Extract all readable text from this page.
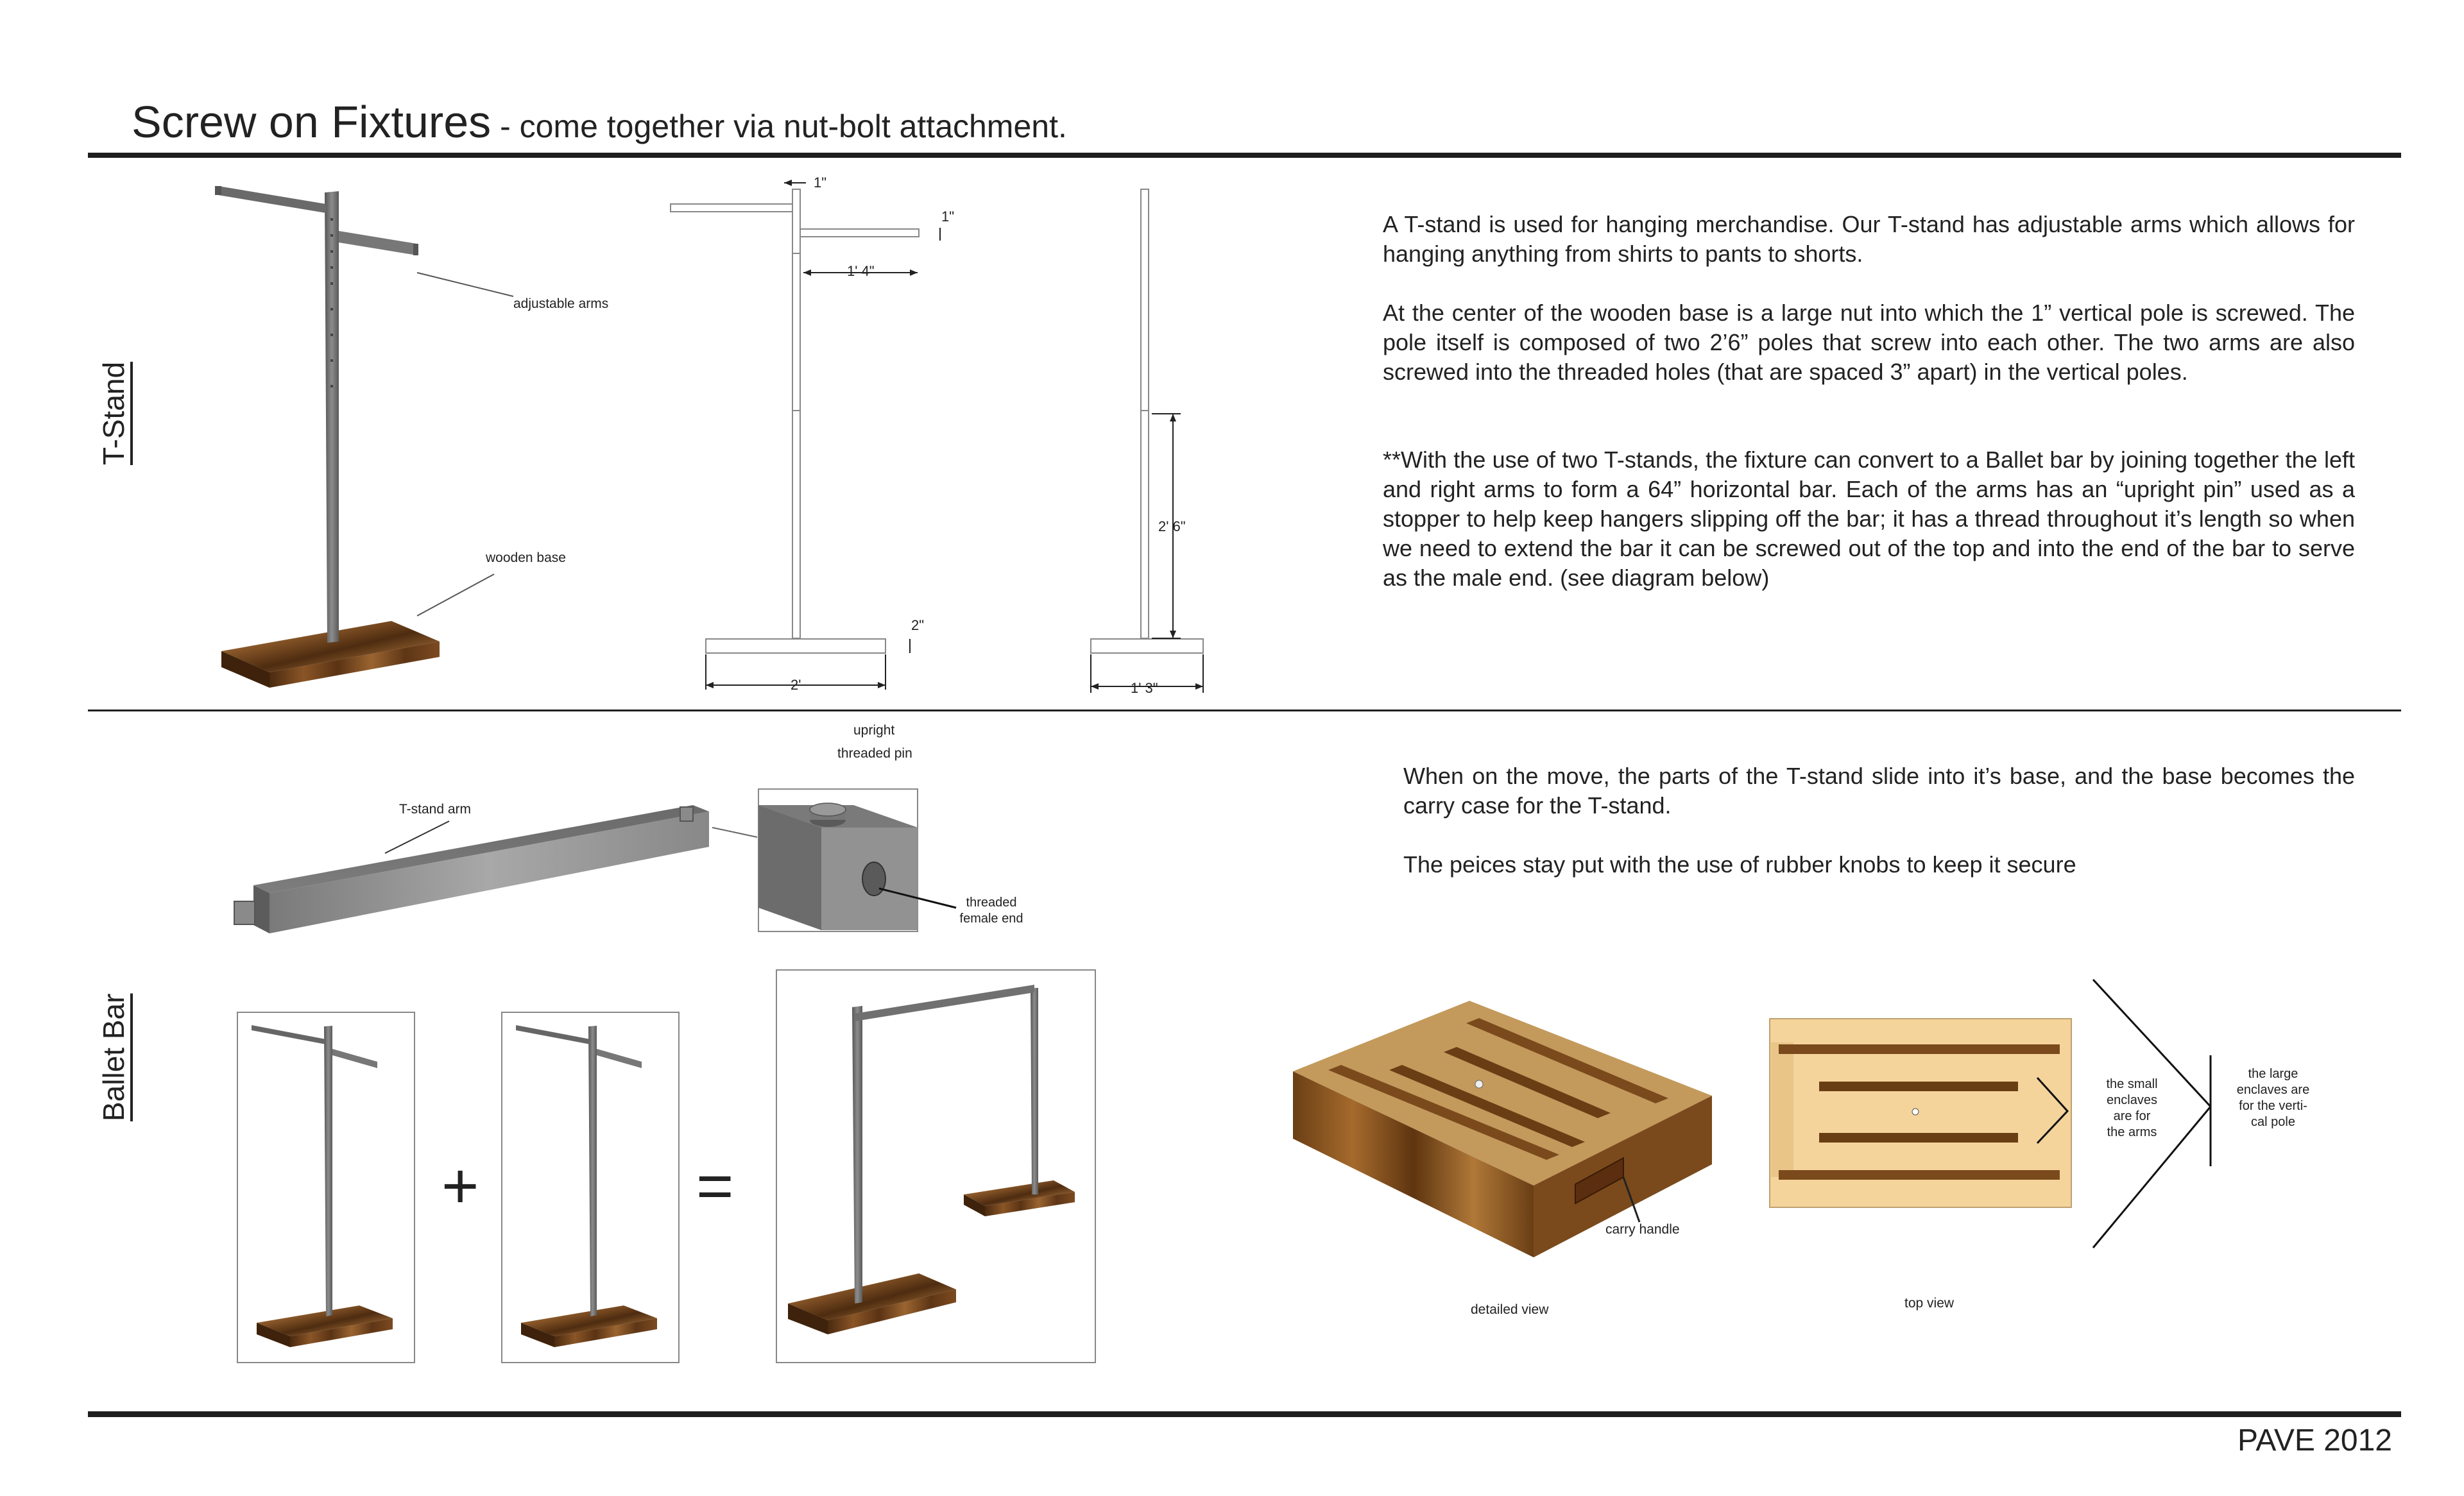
Screw on Fixtures - come together via nut-bolt attachment.
T-Stand
Ballet Bar
adjustable arms
wooden base
1"
1"
1' 4"
2"
2'
2' 6"
1' 3"

A T-stand is used for hanging merchandise. Our T-stand has adjustable arms which allows for hanging anything from shirts to pants to shorts.

At the center of the wooden base is a large nut into which the 1” vertical pole is screwed. The pole itself is composed of two 2’6” poles that screw into each other. The two arms are also screwed into the threaded holes (that are spaced 3” apart) in the vertical poles.

**With the use of two T-stands, the fixture can convert to a Ballet bar by joining together the left and right arms to form a 64” horizontal bar. Each of the arms has an “upright pin” used as a stopper to help keep hangers slipping off the bar; it has a thread throughout it’s length so when we need to extend the bar it can be screwed out of the top and into the end of the bar to serve as the male end. (see diagram below)

T-stand arm
upright
threaded pin
threaded
female end
+	=

When on the move, the parts of the T-stand slide into it’s base, and the base becomes the carry case for the T-stand.

The peices stay put with the use of rubber knobs to keep it secure

carry handle
detailed view	top view
the small
enclaves
are for
the arms
the large
enclaves are
for the verti-
cal pole
PAVE 2012
